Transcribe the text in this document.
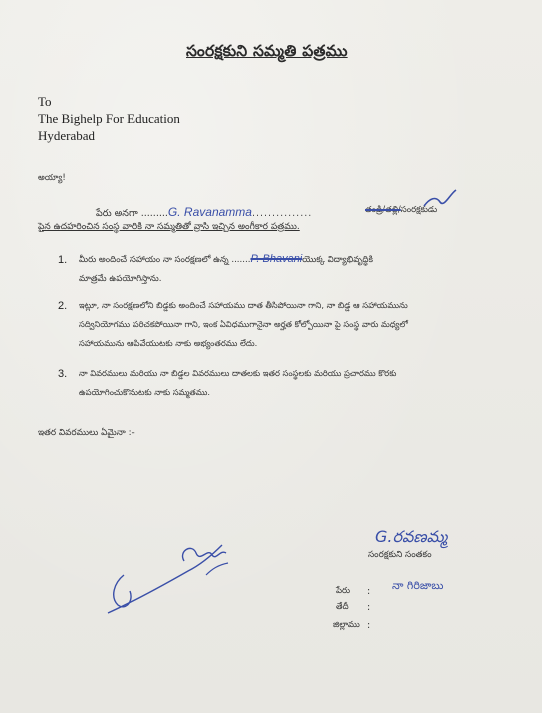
సంరక్షకుని సమ్మతి పత్రము
To
The Bighelp For Education
Hyderabad
అయ్యా!
పేరు అనగా .........G. Ravanamma...............	తండ్రి/తల్లి/సంరక్షకుడు
పైన ఉదహరించిన సంస్థ వారికి నా సమ్మతితో వ్రాసి ఇచ్చిన అంగీకార పత్రము.
1. మీరు అందించే సహాయం నా సంరక్షణలో ఉన్న .......P. Bhavaniయొక్క విద్యాభివృద్ధికి
మాత్రమే ఉపయోగిస్తాను.
2. ఇట్లూ, నా సంరక్షణలోని బిడ్డకు అందించే సహాయము దాత తీసిపోయినా గాని, నా బిడ్డ ఆ సహాయమును
సద్వినియోగము పరిచకపోయినా గాని, ఇంక ఏవిధముగానైనా అర్హత కోల్పోయినా పై సంస్థ వారు మధ్యలో
సహాయమును ఆపివేయుటకు నాకు అభ్యంతరము లేదు.
3. నా వివరములు మరియు నా బిడ్డల వివరములు దాతలకు ఇతర సంస్థలకు మరియు ప్రచారము కొరకు
ఉపయోగించుకొనుటకు నాకు సమ్మతము.
ఇతర వివరములు ఏమైనా :-
G.రవణమ్మ
సంరక్షకుని సంతకం
పేరు : నా గిరిజాబు
తేదీ :
జిల్లాము :
